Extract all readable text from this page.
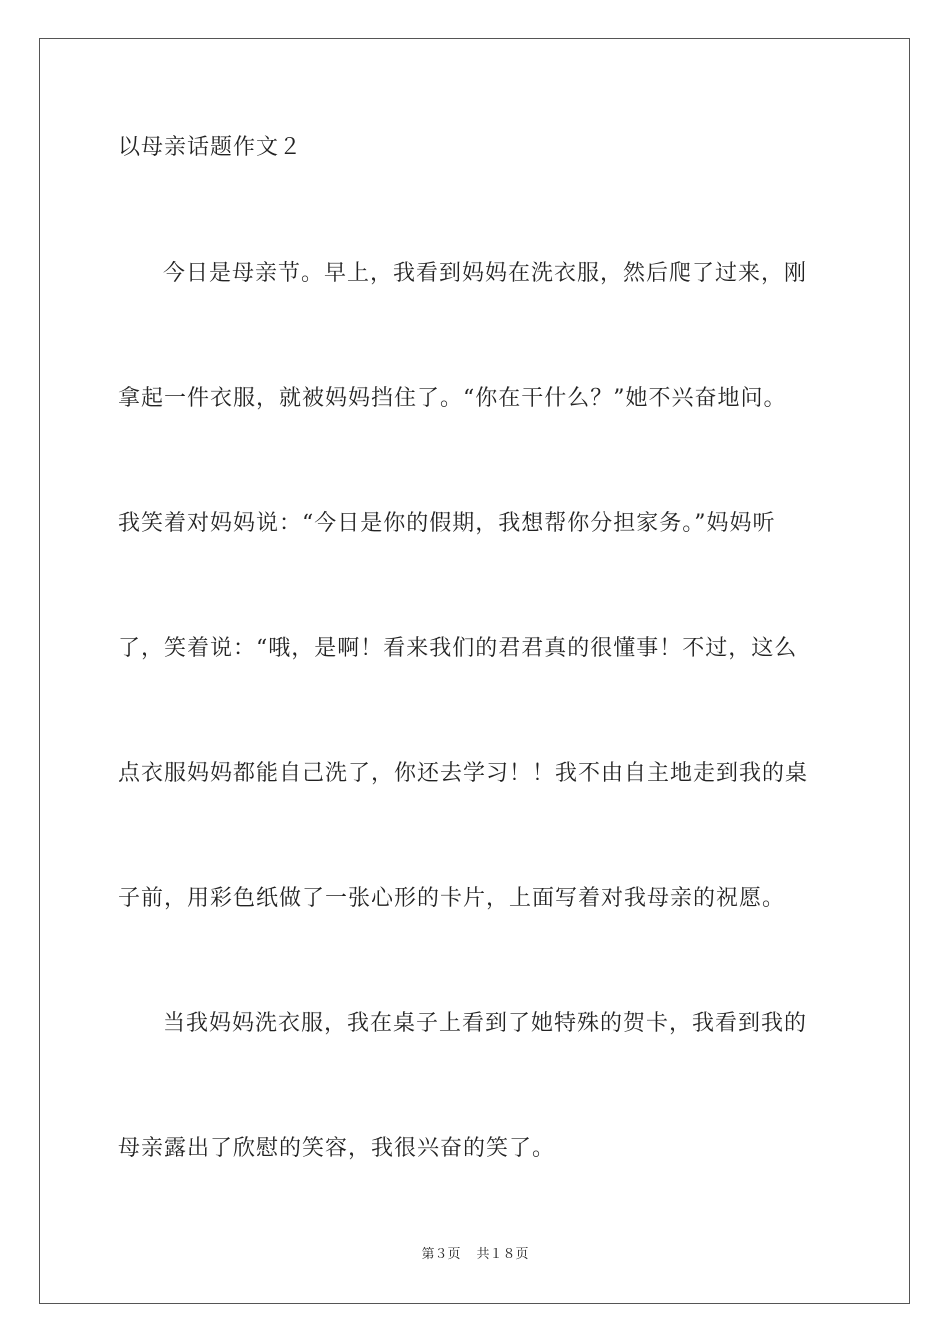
以母亲话题作文２
今日是母亲节。早上，我看到妈妈在洗衣服，然后爬了过来，刚
拿起一件衣服，就被妈妈挡住了。“你在干什么？”她不兴奋地问。
我笑着对妈妈说：“今日是你的假期，我想帮你分担家务。”妈妈听
了，笑着说：“哦，是啊！看来我们的君君真的很懂事！不过，这么
点衣服妈妈都能自己洗了，你还去学习！！我不由自主地走到我的桌
子前，用彩色纸做了一张心形的卡片，上面写着对我母亲的祝愿。
当我妈妈洗衣服，我在桌子上看到了她特殊的贺卡，我看到我的
母亲露出了欣慰的笑容，我很兴奋的笑了。
第３页 共１８页
